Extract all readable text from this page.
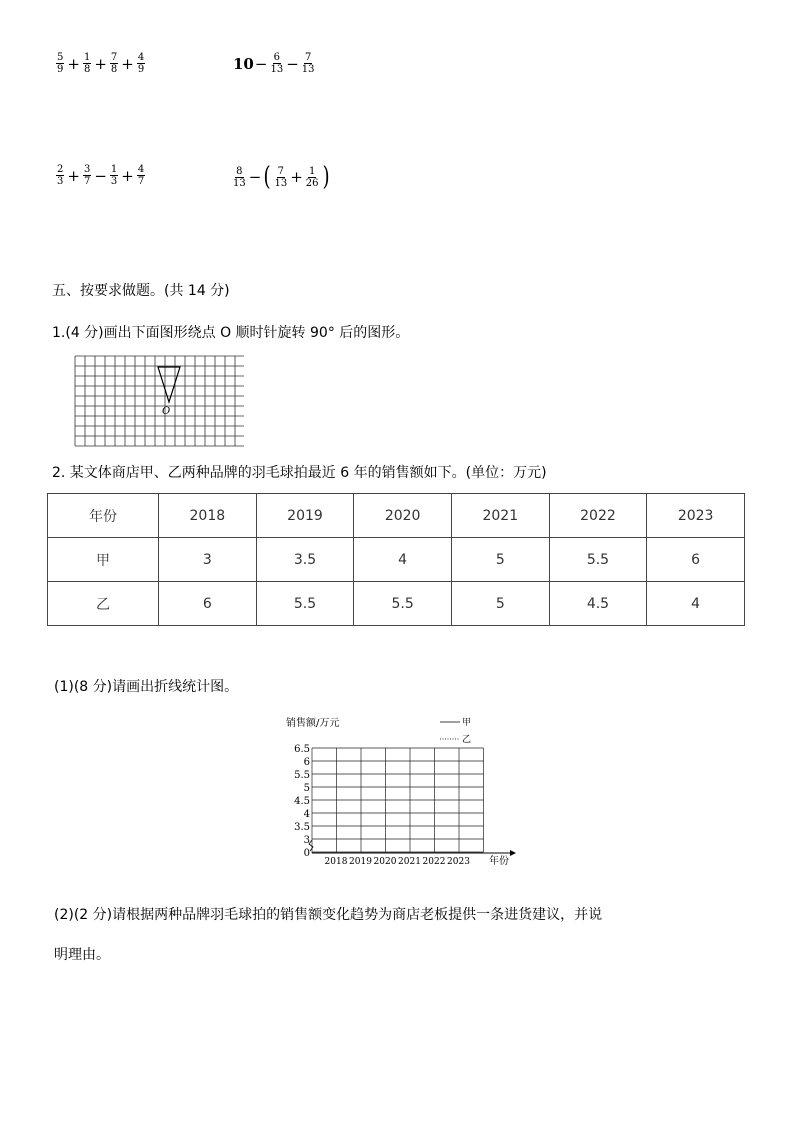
$\frac{5}{9} + \frac{1}{8} + \frac{7}{8} + \frac{4}{9}$	$10 - \frac{6}{13} - \frac{7}{13}$
$\frac{2}{3} + \frac{3}{7} - \frac{1}{3} + \frac{4}{7}$	$\frac{8}{13}$ − ( $\frac{7}{13} + \frac{1}{26}$ )
五、按要求做题。(共 14 分)
1.(4 分)画出下面图形绕点 O 顺时针旋转 90° 后的图形。
O
2. 某文体商店甲、乙两种品牌的羽毛球拍最近 6 年的销售额如下。(单位：万元)
年份	2018	2019	2020	2021	2022	2023
甲	3	3.5	4	5	5.5	6
乙	6	5.5	5.5	5	4.5	4
(1)(8 分)请画出折线统计图。
销售额/万元	甲
乙
6.5
6
5.5
5
4.5
4
3.5
3
0
2018 2019 2020 2021 2022 2023 年份
(2)(2 分)请根据两种品牌羽毛球拍的销售额变化趋势为商店老板提供一条进货建议，并说
明理由。
